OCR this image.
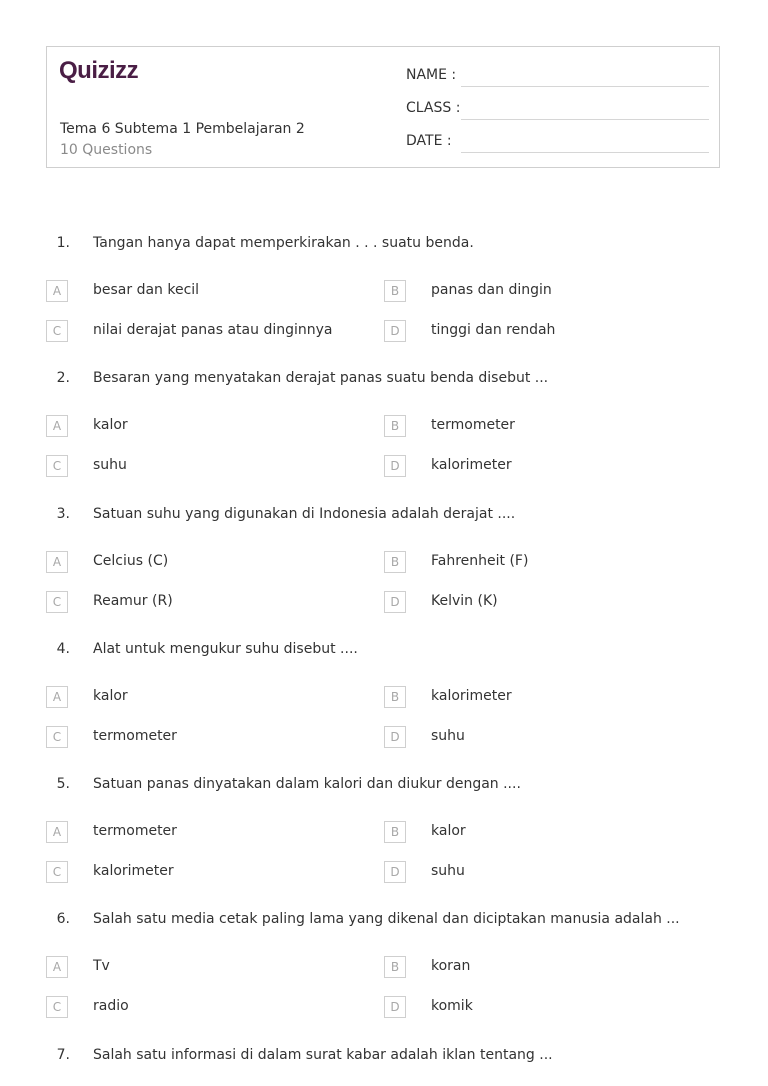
Quizizz
Tema 6 Subtema 1 Pembelajaran 2
10 Questions
NAME :
CLASS :
DATE :
1. Tangan hanya dapat memperkirakan . . . suatu benda.
A	besar dan kecil	B	panas dan dingin
C	nilai derajat panas atau dinginnya	D	tinggi dan rendah
2. Besaran yang menyatakan derajat panas suatu benda disebut ...
A	kalor	B	termometer
C	suhu	D	kalorimeter
3. Satuan suhu yang digunakan di Indonesia adalah derajat ....
A	Celcius (C)	B	Fahrenheit (F)
C	Reamur (R)	D	Kelvin (K)
4. Alat untuk mengukur suhu disebut ....
A	kalor	B	kalorimeter
C	termometer	D	suhu
5. Satuan panas dinyatakan dalam kalori dan diukur dengan ....
A	termometer	B	kalor
C	kalorimeter	D	suhu
6. Salah satu media cetak paling lama yang dikenal dan diciptakan manusia adalah ...
A	Tv	B	koran
C	radio	D	komik
7. Salah satu informasi di dalam surat kabar adalah iklan tentang ...
